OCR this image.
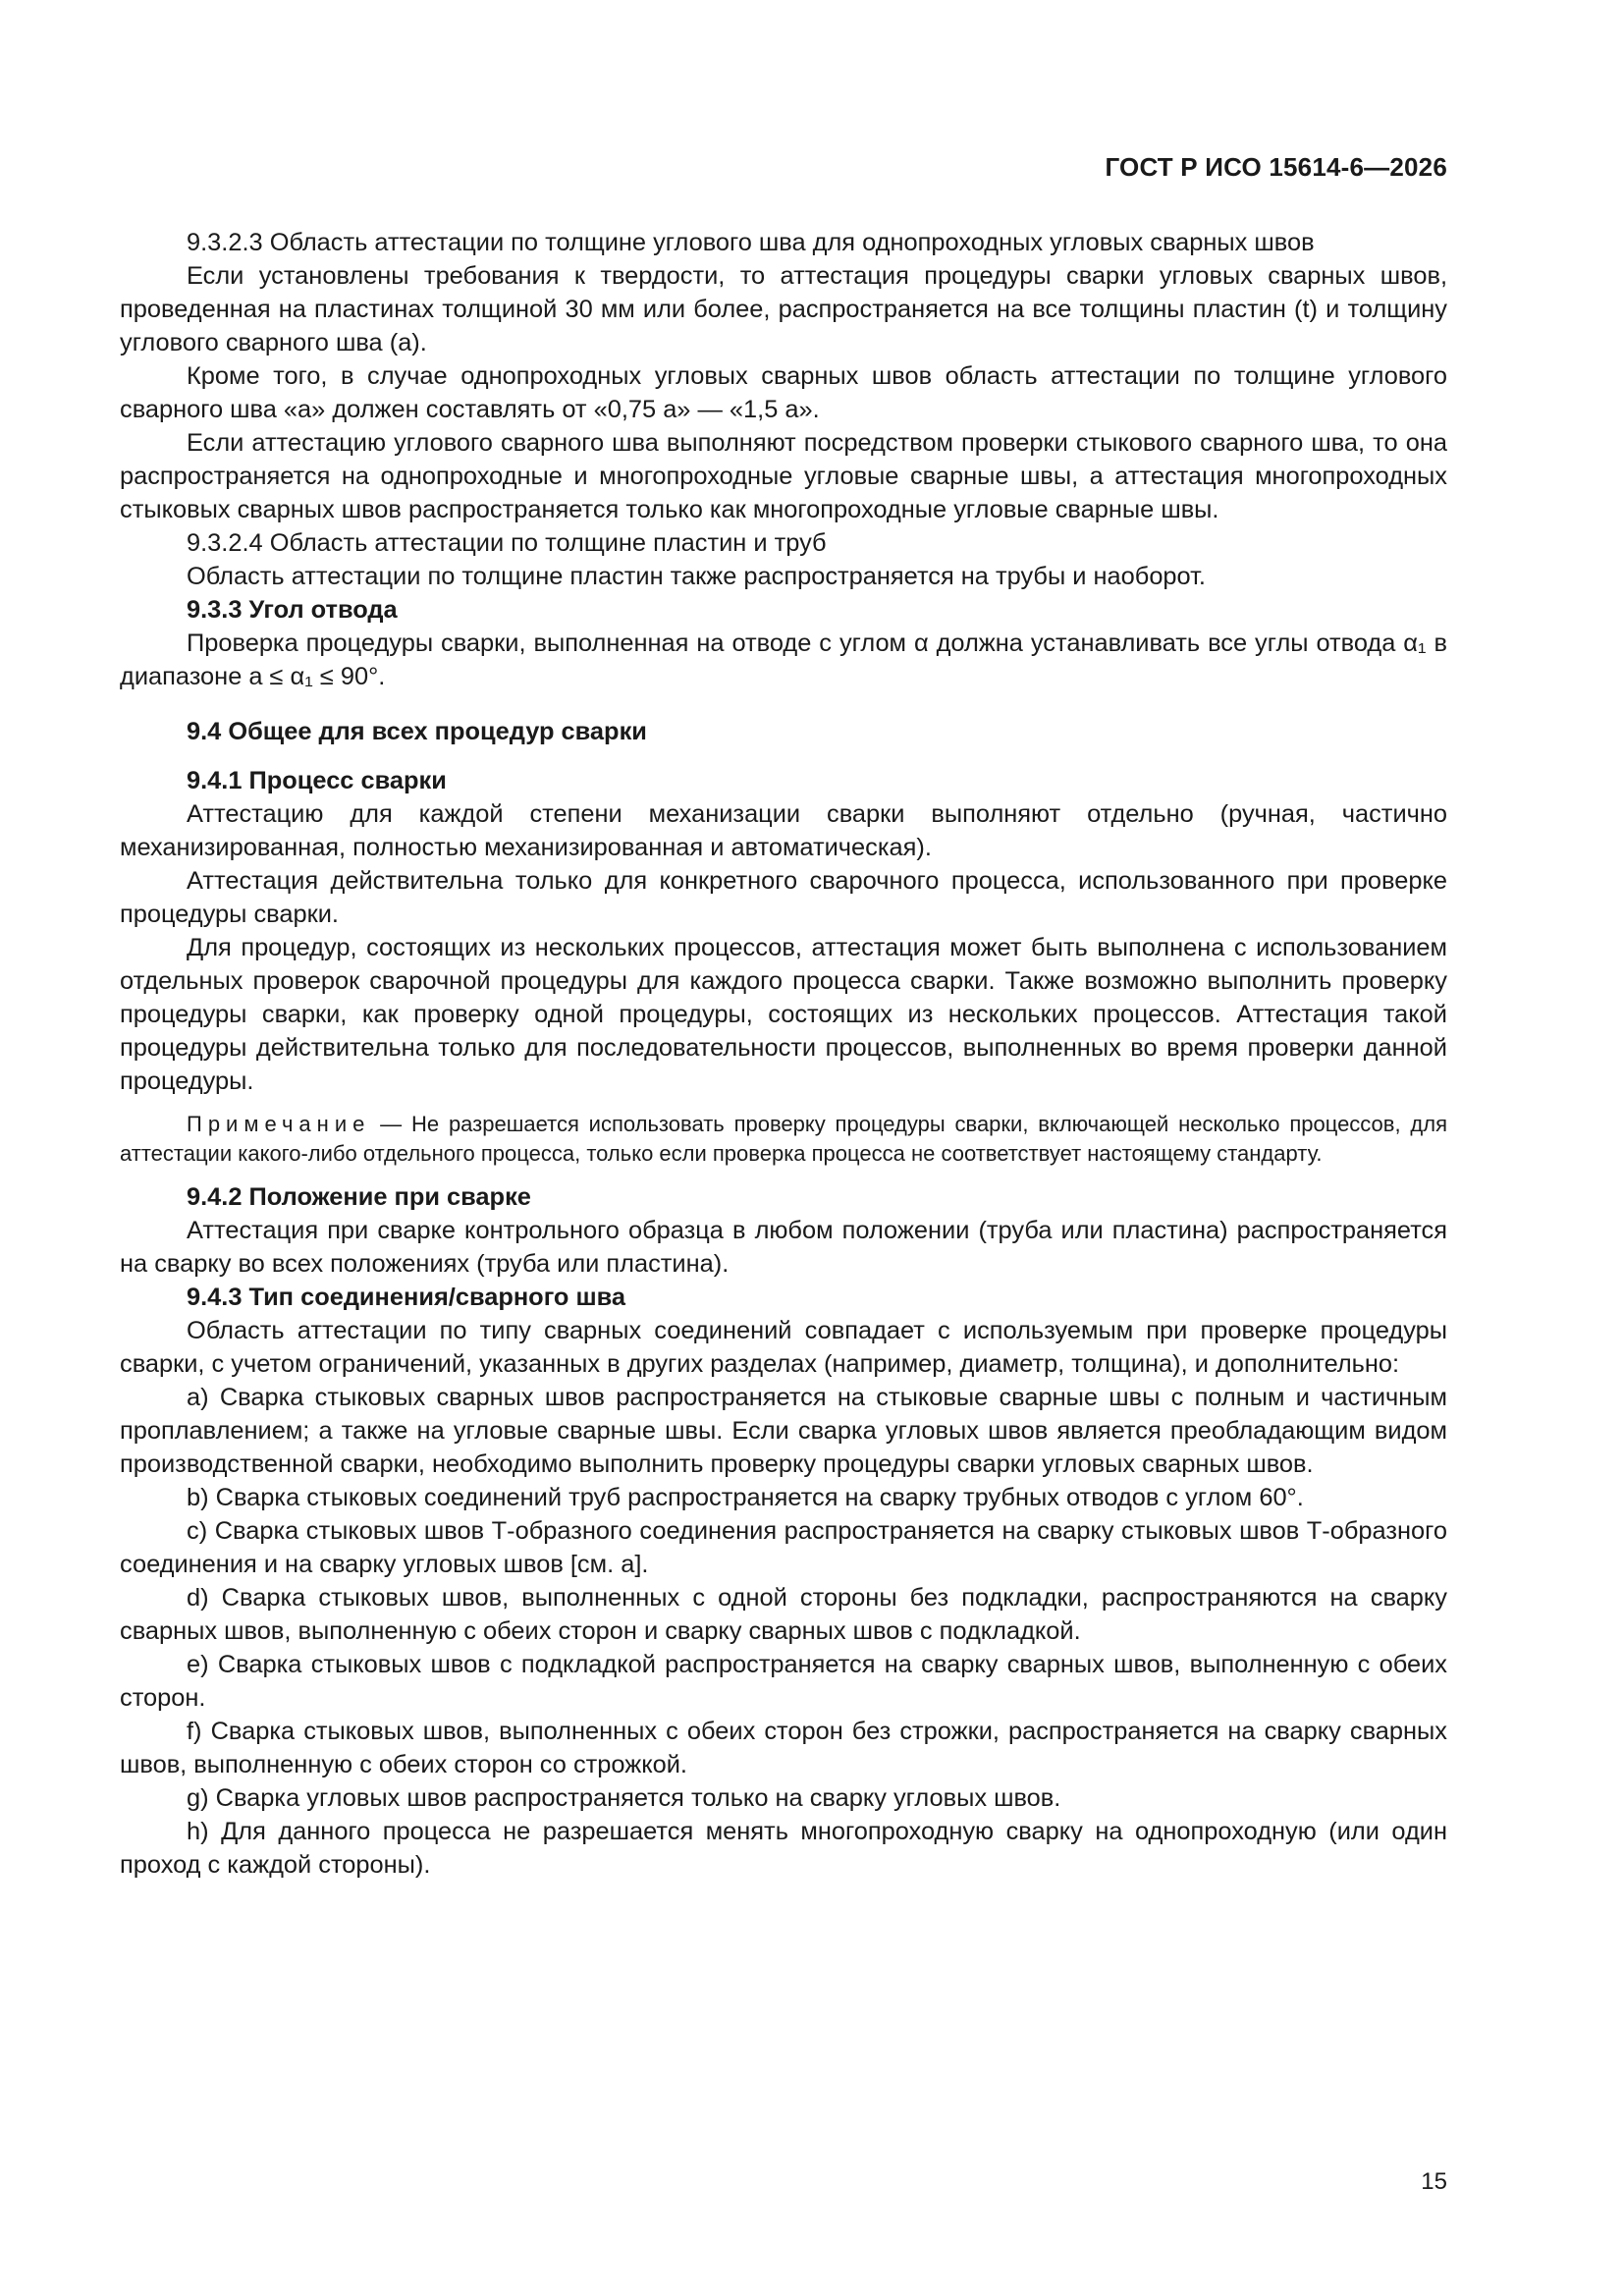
ГОСТ Р ИСО 15614-6—2026

9.3.2.3 Область аттестации по толщине углового шва для однопроходных угловых сварных швов

Если установлены требования к твердости, то аттестация процедуры сварки угловых сварных швов, проведенная на пластинах толщиной 30 мм или более, распространяется на все толщины пластин (t) и толщину углового сварного шва (a).

Кроме того, в случае однопроходных угловых сварных швов область аттестации по толщине углового сварного шва «a» должен составлять от «0,75 a» — «1,5 a».

Если аттестацию углового сварного шва выполняют посредством проверки стыкового сварного шва, то она распространяется на однопроходные и многопроходные угловые сварные швы, а аттестация многопроходных стыковых сварных швов распространяется только как многопроходные угловые сварные швы.

9.3.2.4 Область аттестации по толщине пластин и труб

Область аттестации по толщине пластин также распространяется на трубы и наоборот.

9.3.3 Угол отвода

Проверка процедуры сварки, выполненная на отводе с углом α должна устанавливать все углы отвода α₁ в диапазоне a ≤ α₁ ≤ 90°.

9.4 Общее для всех процедур сварки

9.4.1 Процесс сварки

Аттестацию для каждой степени механизации сварки выполняют отдельно (ручная, частично механизированная, полностью механизированная и автоматическая).

Аттестация действительна только для конкретного сварочного процесса, использованного при проверке процедуры сварки.

Для процедур, состоящих из нескольких процессов, аттестация может быть выполнена с использованием отдельных проверок сварочной процедуры для каждого процесса сварки. Также возможно выполнить проверку процедуры сварки, как проверку одной процедуры, состоящих из нескольких процессов. Аттестация такой процедуры действительна только для последовательности процессов, выполненных во время проверки данной процедуры.

Примечание — Не разрешается использовать проверку процедуры сварки, включающей несколько процессов, для аттестации какого-либо отдельного процесса, только если проверка процесса не соответствует настоящему стандарту.

9.4.2 Положение при сварке

Аттестация при сварке контрольного образца в любом положении (труба или пластина) распространяется на сварку во всех положениях (труба или пластина).

9.4.3 Тип соединения/сварного шва

Область аттестации по типу сварных соединений совпадает с используемым при проверке процедуры сварки, с учетом ограничений, указанных в других разделах (например, диаметр, толщина), и дополнительно:

a) Сварка стыковых сварных швов распространяется на стыковые сварные швы с полным и частичным проплавлением; а также на угловые сварные швы. Если сварка угловых швов является преобладающим видом производственной сварки, необходимо выполнить проверку процедуры сварки угловых сварных швов.

b) Сварка стыковых соединений труб распространяется на сварку трубных отводов с углом 60°.

c) Сварка стыковых швов Т-образного соединения распространяется на сварку стыковых швов Т-образного соединения и на сварку угловых швов [см. a].

d) Сварка стыковых швов, выполненных с одной стороны без подкладки, распространяются на сварку сварных швов, выполненную с обеих сторон и сварку сварных швов с подкладкой.

e) Сварка стыковых швов с подкладкой распространяется на сварку сварных швов, выполненную с обеих сторон.

f) Сварка стыковых швов, выполненных с обеих сторон без строжки, распространяется на сварку сварных швов, выполненную с обеих сторон со строжкой.

g) Сварка угловых швов распространяется только на сварку угловых швов.

h) Для данного процесса не разрешается менять многопроходную сварку на однопроходную (или один проход с каждой стороны).

15
